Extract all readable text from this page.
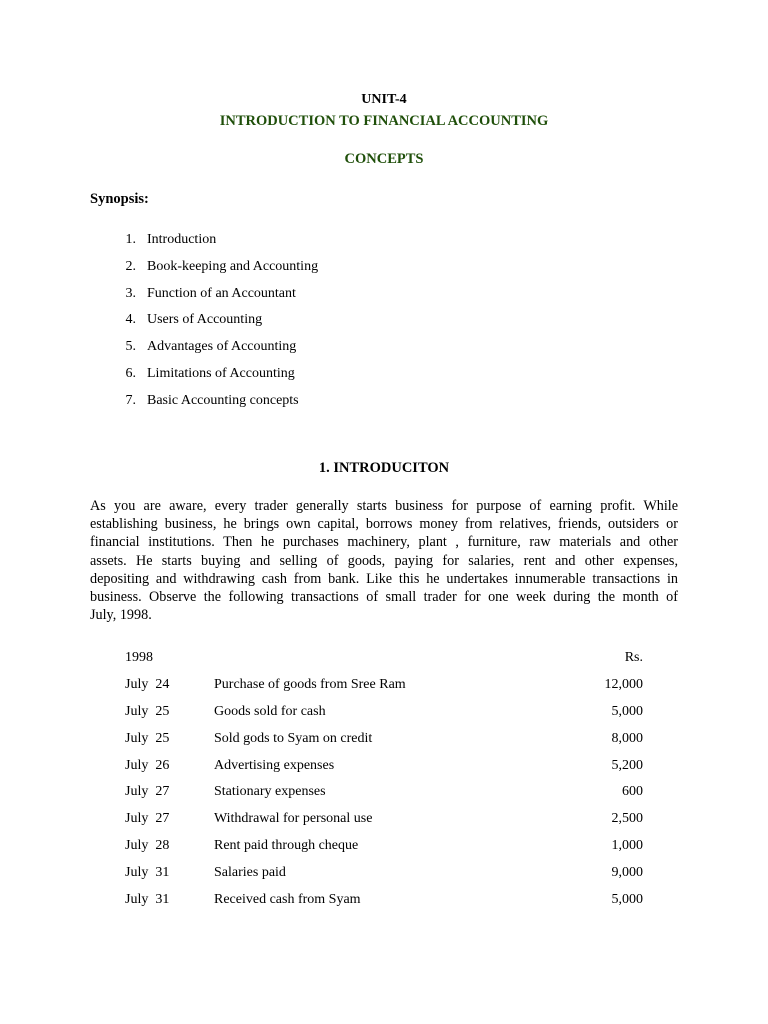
UNIT-4
INTRODUCTION TO FINANCIAL ACCOUNTING
CONCEPTS
Synopsis:
1. Introduction
2. Book-keeping and Accounting
3. Function of an Accountant
4. Users of Accounting
5. Advantages of Accounting
6. Limitations of Accounting
7. Basic Accounting concepts
1. INTRODUCITON
As you are aware, every trader generally starts business for purpose of earning profit. While
establishing business, he brings own capital, borrows money from relatives, friends, outsiders or
financial institutions. Then he purchases machinery, plant , furniture, raw materials and other
assets. He starts buying and selling of goods, paying for salaries, rent and other expenses,
depositing and withdrawing cash from bank. Like this he undertakes innumerable transactions in
business. Observe the following transactions of small trader for one week during the month of
July, 1998.
1998	Rs.
July 24	Purchase of goods from Sree Ram	12,000
July 25	Goods sold for cash	5,000
July 25	Sold gods to Syam on credit	8,000
July 26	Advertising expenses	5,200
July 27	Stationary expenses	600
July 27	Withdrawal for personal use	2,500
July 28	Rent paid through cheque	1,000
July 31	Salaries paid	9,000
July 31	Received cash from Syam	5,000
